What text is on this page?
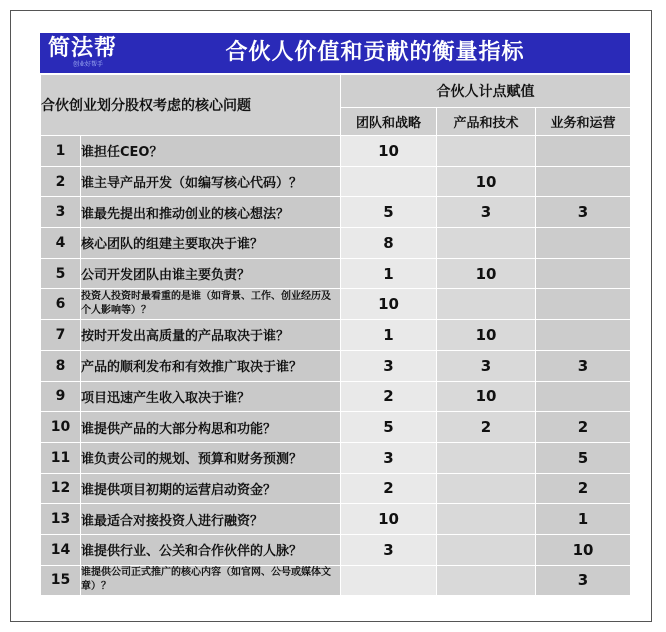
简法帮
创业好帮手	合伙人价值和贡献的衡量指标
合伙创业划分股权考虑的核心问题		合伙人计点赋值		
		团队和战略	产品和技术	业务和运营
1	谁担任CEO？	10		
2	谁主导产品开发（如编写核心代码）？		10	
3	谁最先提出和推动创业的核心想法？	5	3	3
4	核心团队的组建主要取决于谁？	8		
5	公司开发团队由谁主要负责？	1	10	
6	投资人投资时最看重的是谁（如背景、工作、创业经历及个人影响等）？	10		
7	按时开发出高质量的产品取决于谁？	1	10	
8	产品的顺利发布和有效推广取决于谁？	3	3	3
9	项目迅速产生收入取决于谁？	2	10	
10	谁提供产品的大部分构思和功能？	5	2	2
11	谁负责公司的规划、预算和财务预测？	3		5
12	谁提供项目初期的运营启动资金？	2		2
13	谁最适合对接投资人进行融资？	10		1
14	谁提供行业、公关和合作伙伴的人脉？	3		10
15	谁提供公司正式推广的核心内容（如官网、公号或媒体文章）？			3
